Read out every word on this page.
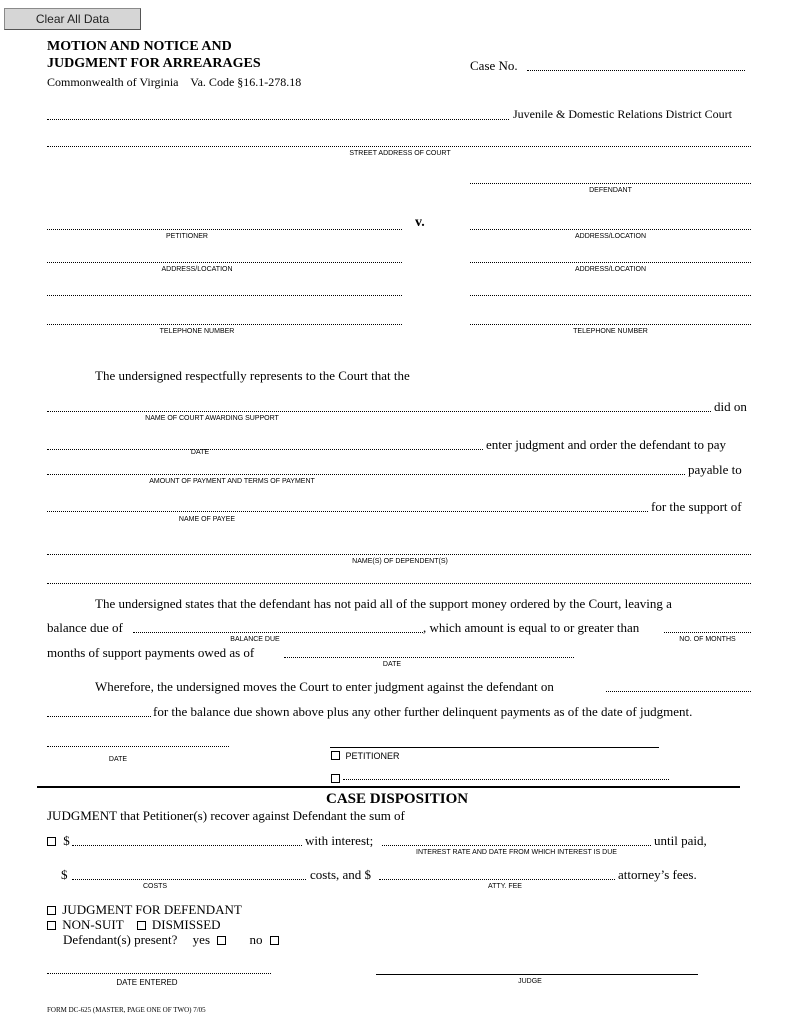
Clear All Data
MOTION AND NOTICE AND
JUDGMENT FOR ARREARAGES
Commonwealth of Virginia    Va. Code §16.1-278.18
Case No.
Juvenile & Domestic Relations District Court
STREET ADDRESS OF COURT
DEFENDANT
v.
PETITIONER	ADDRESS/LOCATION
ADDRESS/LOCATION	ADDRESS/LOCATION
TELEPHONE NUMBER	TELEPHONE NUMBER
The undersigned respectfully represents to the Court that the
did on
NAME OF COURT AWARDING SUPPORT
enter judgment and order the defendant to pay
DATE
payable to
AMOUNT OF PAYMENT AND TERMS OF PAYMENT
for the support of
NAME OF PAYEE
NAME(S) OF DEPENDENT(S)
The undersigned states that the defendant has not paid all of the support money ordered by the Court, leaving a
balance due of	, which amount is equal to or greater than
BALANCE DUE	NO. OF MONTHS
months of support payments owed as of
DATE
Wherefore, the undersigned moves the Court to enter judgment against the defendant on
for the balance due shown above plus any other further delinquent payments as of the date of judgment.
DATE	PETITIONER
CASE DISPOSITION
JUDGMENT that Petitioner(s) recover against Defendant the sum of
$	with interest;	until paid,
INTEREST RATE AND DATE FROM WHICH INTEREST IS DUE
$	costs, and $	attorney’s fees.
COSTS	ATTY. FEE
JUDGMENT FOR DEFENDANT
NON-SUIT DISMISSED
Defendant(s) present? yes	no
DATE ENTERED	JUDGE
FORM DC-625 (MASTER, PAGE ONE OF TWO) 7/05
